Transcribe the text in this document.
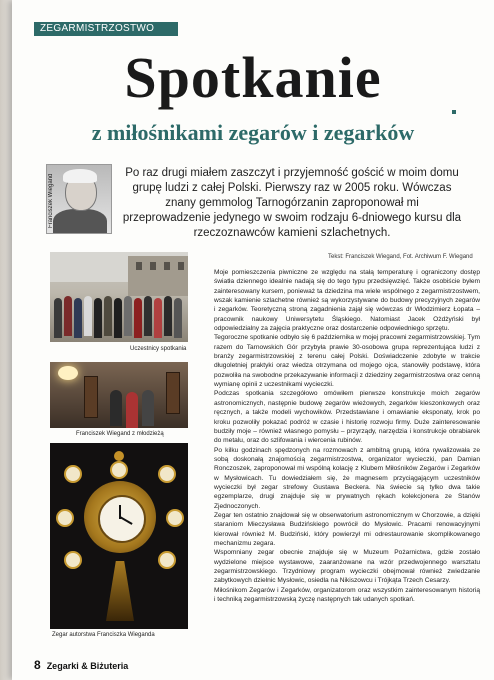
ZEGARMISTRZOSTWO
Spotkanie
z miłośnikami zegarów i zegarków
Franciszek Wiegand
Po raz drugi miałem zaszczyt i przyjemność gościć w moim domu grupę ludzi z całej Polski. Pierwszy raz w 2005 roku. Wówczas znany gemmolog Tarnogórzanin zaproponował mi przeprowadzenie jedynego w swoim rodzaju 6-dniowego kursu dla rzeczoznawców kamieni szlachetnych.
Tekst: Franciszek Wiegand, Fot. Archiwum F. Wiegand
Uczestnicy spotkania
Franciszek Wiegand z młodzieżą
Zegar autorstwa Franciszka Wieganda

Moje pomieszczenia piwniczne ze względu na stałą temperaturę i ograniczony dostęp światła dziennego idealnie nadają się do tego typu przedsięwzięć. Także osobiście byłem zainteresowany kursem, ponieważ ta dziedzina ma wiele wspólnego z zegarmistrzostwem, wszak kamienie szlachetne również są wykorzystywane do budowy precyzyjnych zegarów i zegarków. Teoretyczną stroną zagadnienia zajął się wówczas dr Włodzimierz Łopata – pracownik naukowy Uniwersytetu Śląskiego. Natomiast Jacek Ożdżyński był odpowiedzialny za zajęcia praktyczne oraz dostarczenie odpowiedniego sprzętu.

Tegoroczne spotkanie odbyło się 6 października w mojej pracowni zegarmistrzowskiej. Tym razem do Tarnowskich Gór przybyła prawie 30-osobowa grupa reprezentująca ludzi z branży zegarmistrzowskiej z terenu całej Polski. Doświadczenie zdobyte w trakcie długoletniej praktyki oraz wiedza otrzymana od mojego ojca, stanowiły podstawę, która pozwoliła na swobodne przekazywanie informacji z dziedziny zegarmistrzostwa oraz cenną wymianę opinii z uczestnikami wycieczki.

Podczas spotkania szczegółowo omówiłem pierwsze konstrukcje moich zegarów astronomicznych, następnie budowę zegarów wieżowych, zegarków kieszonkowych oraz ręcznych, a także modeli wychowików. Przedstawiane i omawianie eksponaty, krok po kroku pozwoliły pokazać podróż w czasie i historię rozwoju firmy. Duże zainteresowanie budziły moje – również własnego pomysłu – przyrządy, narzędzia i konstrukcje obrabiarek do metalu, oraz do szlifowania i wiercenia rubinów.

Po kilku godzinach spędzonych na rozmowach z ambitną grupą, która rywalizowała ze sobą doskonałą znajomością zegarmistrzostwa, organizator wycieczki, pan Damian Ronczoszek, zaproponował mi wspólną kolację z Klubem Miłośników Zegarów i Zegarków w Mysłowicach. Tu dowiedziałem się, że magnesem przyciągającym uczestników wycieczki był zegar strefowy Gustawa Beckera. Na świecie są tylko dwa takie egzemplarze, drugi znajduje się w prywatnych rękach kolekcjonera ze Stanów Zjednoczonych.

Zegar ten ostatnio znajdował się w obserwatorium astronomicznym w Chorzowie, a dzięki staraniom Mieczysława Budzińskiego powrócił do Mysłowic. Pracami renowacyjnymi kierował również M. Budziński, który powierzył mi odrestaurowanie skomplikowanego mechanizmu zegara.

Wspomniany zegar obecnie znajduje się w Muzeum Pożarnictwa, gdzie zostało wydzielone miejsce wystawowe, zaaranżowane na wzór przedwojennego warsztatu zegarmistrzowskiego. Trzydniowy program wycieczki obejmował również zwiedzanie zabytkowych dzielnic Mysłowic, osiedla na Nikiszowcu i Trójkąta Trzech Cesarzy.

Miłośnikom Zegarów i Zegarków, organizatorom oraz wszystkim zainteresowanym historią i techniką zegarmistrzowską życzę następnych tak udanych spotkań.

8 Zegarki & Biżuteria
